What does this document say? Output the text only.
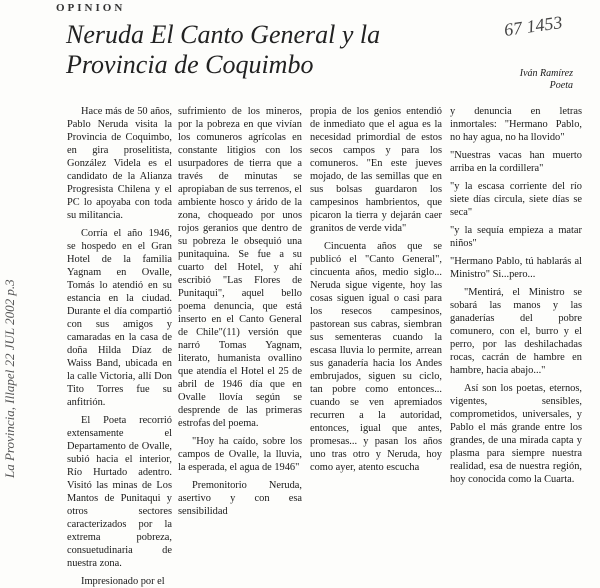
OPINION
Neruda El Canto General y la
Provincia de Coquimbo
67 1453
Iván Ramírez
Poeta
La Provincia, Illapel 22 JUL 2002 p.3

Hace más de 50 años, Pablo Neruda visita la Provincia de Coquimbo, en gira proselitista, González Videla es el candidato de la Alianza Progresista Chilena y el PC lo apoyaba con toda su militancia.

Corría el año 1946, se hospedo en el Gran Hotel de la familia Yagnam en Ovalle, Tomás lo atendió en su estancia en la ciudad. Durante el día compartió con sus amigos y camaradas en la casa de doña Hilda Díaz de Waiss Band, ubicada en la calle Victoria, allí Don Tito Torres fue su anfitrión.

El Poeta recorrió extensamente el Departamento de Ovalle, subió hacia el interior, Río Hurtado adentro. Visitó las minas de Los Mantos de Punitaqui y otros sectores caracterizados por la extrema pobreza, consuetudinaria de nuestra zona.

Impresionado por el

sufrimiento de los mineros, por la pobreza en que vivían los comuneros agrícolas en constante litigios con los usurpadores de tierra que a través de minutas se apropiaban de sus terrenos, el ambiente hosco y árido de la zona, choqueado por unos rojos geranios que dentro de su pobreza le obsequió una punitaquina. Se fue a su cuarto del Hotel, y ahí escribió "Las Flores de Punitaqui", aquel bello poema denuncia, que está inserto en el Canto General de Chile"(11) versión que narró Tomas Yagnam, literato, humanista ovallino que atendía el Hotel el 25 de abril de 1946 día que en Ovalle llovía según se desprende de las primeras estrofas del poema.

"Hoy ha caído, sobre los campos de Ovalle, la lluvia, la esperada, el agua de 1946"

Premonitorio Neruda, asertivo y con esa sensibilidad

propia de los genios entendió de inmediato que el agua es la necesidad primordial de estos secos campos y para los comuneros. "En este jueves mojado, de las semillas que en sus bolsas guardaron los campesinos hambrientos, que picaron la tierra y dejarán caer granitos de verde vida"

Cincuenta años que se publicó el "Canto General", cincuenta años, medio siglo... Neruda sigue vigente, hoy las cosas siguen igual o casi para los resecos campesinos, pastorean sus cabras, siembran sus sementeras cuando la escasa lluvia lo permite, arrean sus ganadería hacia los Andes embrujados, siguen su ciclo, tan pobre como entonces... cuando se ven apremiados recurren a la autoridad, entonces, igual que antes, promesas... y pasan los años uno tras otro y Neruda, hoy como ayer, atento escucha

y denuncia en letras inmortales: "Hermano Pablo, no hay agua, no ha llovido"

"Nuestras vacas han muerto arriba en la cordillera"

"y la escasa corriente del río siete días circula, siete días se seca"

"y la sequía empieza a matar niños"

"Hermano Pablo, tú hablarás al Ministro" Si...pero...

"Mentirá, el Ministro se sobará las manos y las ganaderías del pobre comunero, con el, burro y el perro, por las deshilachadas rocas, cacrán de hambre en hambre, hacia abajo..."

Así son los poetas, eternos, vigentes, sensibles, comprometidos, universales, y Pablo el más grande entre los grandes, de una mirada capta y plasma para siempre nuestra realidad, esa de nuestra región, hoy conocida como la Cuarta.
